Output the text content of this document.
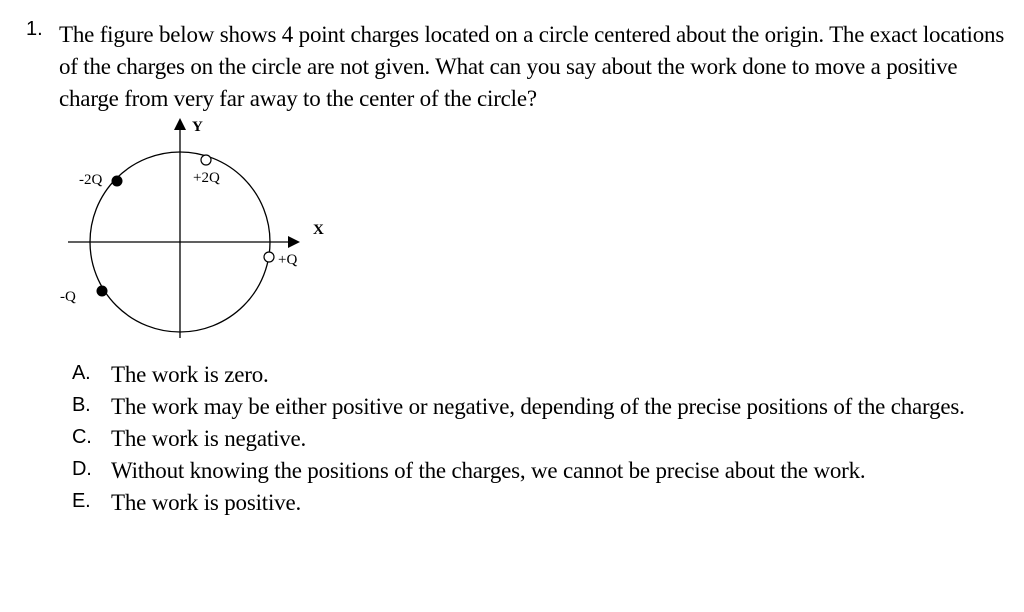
1. The figure below shows 4 point charges located on a circle centered about the origin. The exact locations of the charges on the circle are not given. What can you say about the work done to move a positive charge from very far away to the center of the circle?
Y
X
-2Q	+2Q
+Q
-Q
A. The work is zero.
B. The work may be either positive or negative, depending of the precise positions of the charges.
C. The work is negative.
D. Without knowing the positions of the charges, we cannot be precise about the work.
E. The work is positive.
